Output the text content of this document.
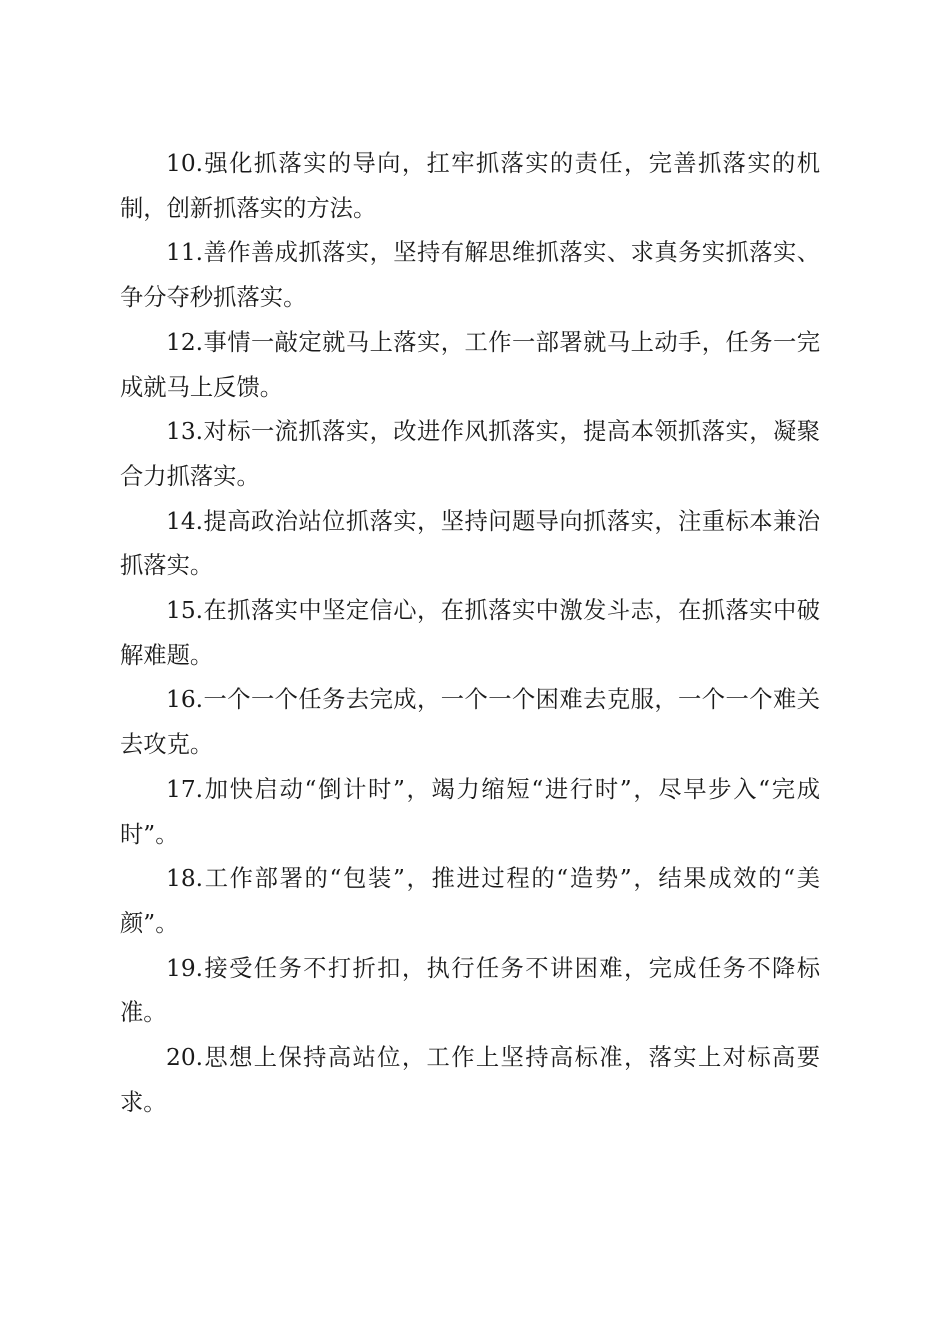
10.强化抓落实的导向，扛牢抓落实的责任，完善抓落实的机制，创新抓落实的方法。

11.善作善成抓落实，坚持有解思维抓落实、求真务实抓落实、争分夺秒抓落实。

12.事情一敲定就马上落实，工作一部署就马上动手，任务一完成就马上反馈。

13.对标一流抓落实，改进作风抓落实，提高本领抓落实，凝聚合力抓落实。

14.提高政治站位抓落实，坚持问题导向抓落实，注重标本兼治抓落实。

15.在抓落实中坚定信心，在抓落实中激发斗志，在抓落实中破解难题。

16.一个一个任务去完成，一个一个困难去克服，一个一个难关去攻克。

17.加快启动“倒计时”，竭力缩短“进行时”，尽早步入“完成时”。

18.工作部署的“包装”，推进过程的“造势”，结果成效的“美颜”。

19.接受任务不打折扣，执行任务不讲困难，完成任务不降标准。

20.思想上保持高站位，工作上坚持高标准，落实上对标高要求。
